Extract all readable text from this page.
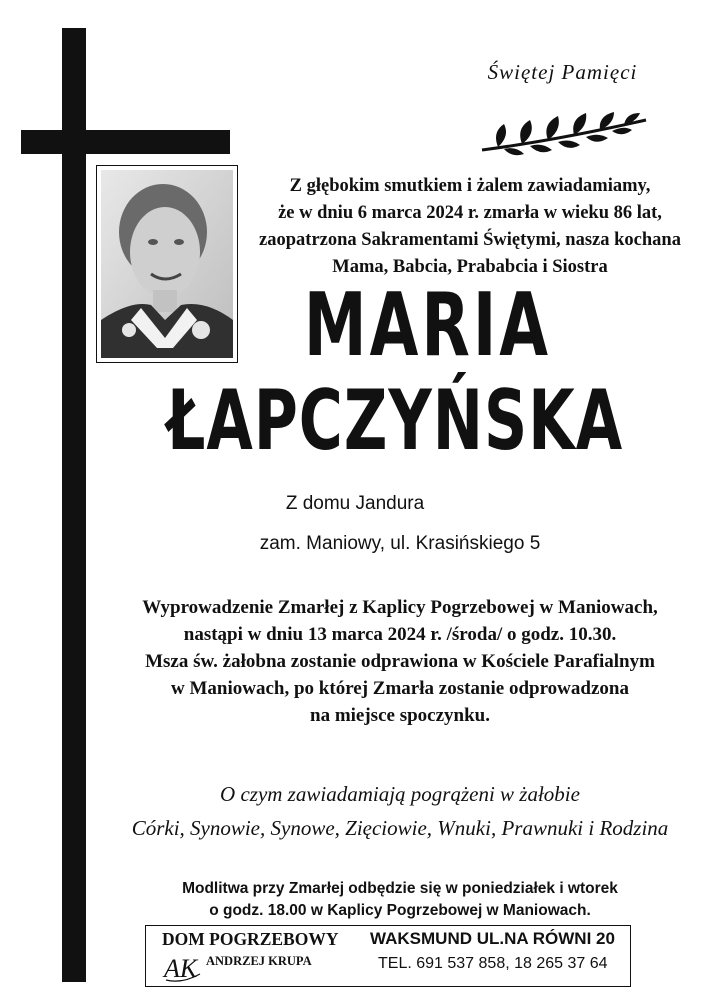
Świętej Pamięci
Z głębokim smutkiem i żalem zawiadamiamy,
że w dniu 6 marca 2024 r. zmarła w wieku 86 lat,
zaopatrzona Sakramentami Świętymi, nasza kochana
Mama, Babcia, Prababcia i Siostra
MARIA
ŁAPCZYŃSKA
Z domu Jandura
zam. Maniowy, ul. Krasińskiego 5
Wyprowadzenie Zmarłej z Kaplicy Pogrzebowej w Maniowach,
nastąpi w dniu 13 marca 2024 r. /środa/ o godz. 10.30.
Msza św. żałobna zostanie odprawiona w Kościele Parafialnym
w Maniowach, po której Zmarła zostanie odprowadzona
na miejsce spoczynku.
O czym zawiadamiają pogrążeni w żałobie
Córki, Synowie, Synowe, Zięciowie, Wnuki, Prawnuki i Rodzina
Modlitwa przy Zmarłej odbędzie się w poniedziałek i wtorek
o godz. 18.00 w Kaplicy Pogrzebowej w Maniowach.
DOM POGRZEBOWY
AK ANDRZEJ KRUPA
WAKSMUND UL.NA RÓWNI 20
TEL. 691 537 858, 18 265 37 64
